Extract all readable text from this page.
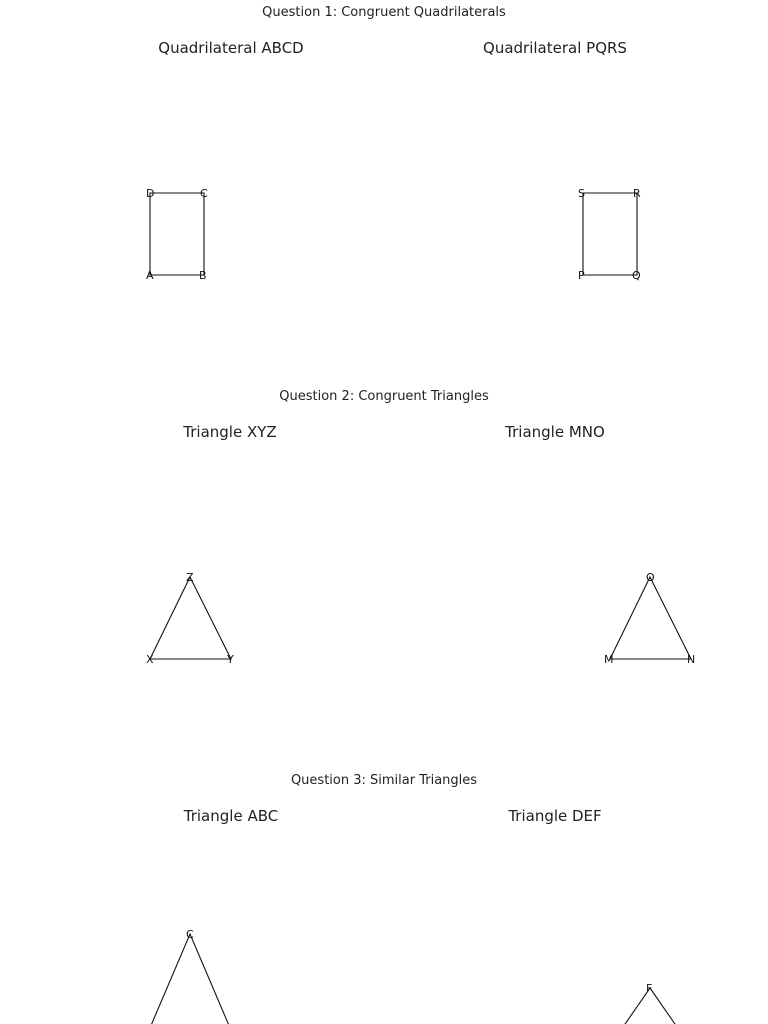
Question 1: Congruent Quadrilaterals
Quadrilateral ABCD	Quadrilateral PQRS
Question 2: Congruent Triangles
Triangle XYZ	Triangle MNO
Question 3: Similar Triangles
Triangle ABC	Triangle DEF
A	B
C
D
P	Q
R
S
X	Y
Z
M	N
O
C
F
